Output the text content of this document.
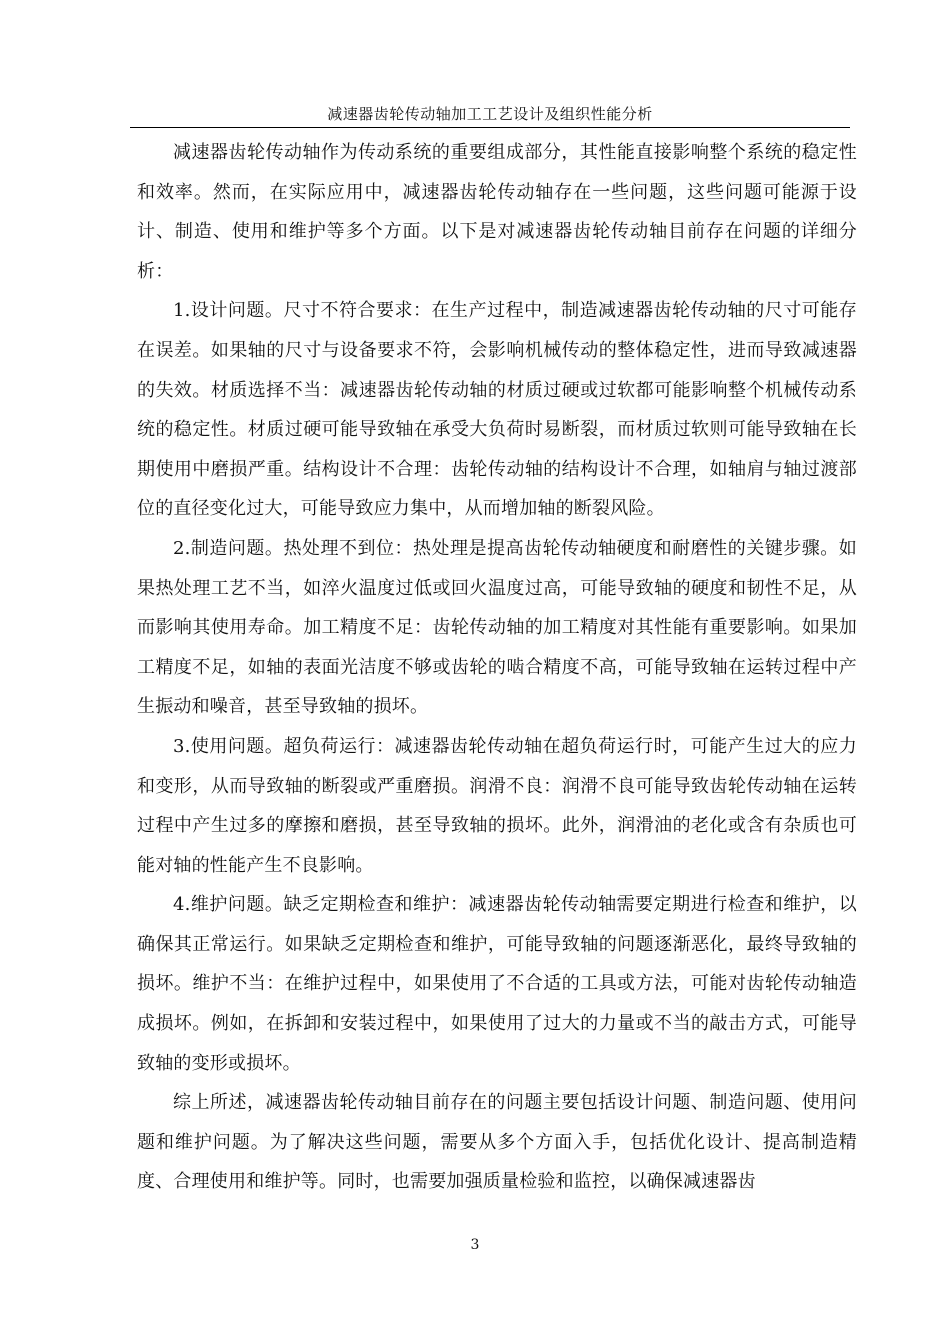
减速器齿轮传动轴加工工艺设计及组织性能分析

减速器齿轮传动轴作为传动系统的重要组成部分，其性能直接影响整个系统的稳定性和效率。然而，在实际应用中，减速器齿轮传动轴存在一些问题，这些问题可能源于设计、制造、使用和维护等多个方面。以下是对减速器齿轮传动轴目前存在问题的详细分析：

1.设计问题。尺寸不符合要求：在生产过程中，制造减速器齿轮传动轴的尺寸可能存在误差。如果轴的尺寸与设备要求不符，会影响机械传动的整体稳定性，进而导致减速器的失效。材质选择不当：减速器齿轮传动轴的材质过硬或过软都可能影响整个机械传动系统的稳定性。材质过硬可能导致轴在承受大负荷时易断裂，而材质过软则可能导致轴在长期使用中磨损严重。结构设计不合理：齿轮传动轴的结构设计不合理，如轴肩与轴过渡部位的直径变化过大，可能导致应力集中，从而增加轴的断裂风险。

2.制造问题。热处理不到位：热处理是提高齿轮传动轴硬度和耐磨性的关键步骤。如果热处理工艺不当，如淬火温度过低或回火温度过高，可能导致轴的硬度和韧性不足，从而影响其使用寿命。加工精度不足：齿轮传动轴的加工精度对其性能有重要影响。如果加工精度不足，如轴的表面光洁度不够或齿轮的啮合精度不高，可能导致轴在运转过程中产生振动和噪音，甚至导致轴的损坏。

3.使用问题。超负荷运行：减速器齿轮传动轴在超负荷运行时，可能产生过大的应力和变形，从而导致轴的断裂或严重磨损。润滑不良：润滑不良可能导致齿轮传动轴在运转过程中产生过多的摩擦和磨损，甚至导致轴的损坏。此外，润滑油的老化或含有杂质也可能对轴的性能产生不良影响。

4.维护问题。缺乏定期检查和维护：减速器齿轮传动轴需要定期进行检查和维护，以确保其正常运行。如果缺乏定期检查和维护，可能导致轴的问题逐渐恶化，最终导致轴的损坏。维护不当：在维护过程中，如果使用了不合适的工具或方法，可能对齿轮传动轴造成损坏。例如，在拆卸和安装过程中，如果使用了过大的力量或不当的敲击方式，可能导致轴的变形或损坏。

综上所述，减速器齿轮传动轴目前存在的问题主要包括设计问题、制造问题、使用问题和维护问题。为了解决这些问题，需要从多个方面入手，包括优化设计、提高制造精度、合理使用和维护等。同时，也需要加强质量检验和监控，以确保减速器齿

3
